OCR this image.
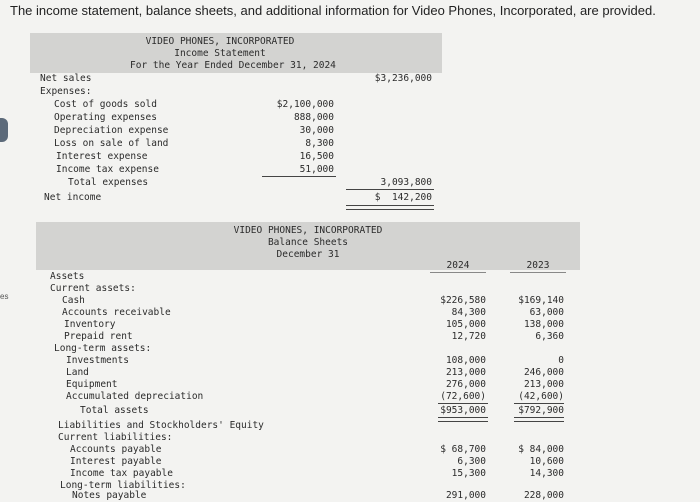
The income statement, balance sheets, and additional information for Video Phones, Incorporated, are provided.
es
VIDEO PHONES, INCORPORATED
Income Statement
For the Year Ended December 31, 2024
Net sales	$3,236,000
Expenses:
Cost of goods sold	$2,100,000
Operating expenses	888,000
Depreciation expense	30,000
Loss on sale of land	8,300
Interest expense	16,500
Income tax expense	51,000
Total expenses	3,093,800
Net income	$  142,200
VIDEO PHONES, INCORPORATED
Balance Sheets
December 31
2024	2023
Assets
Current assets:
Cash	$226,580	$169,140
Accounts receivable	84,300	63,000
Inventory	105,000	138,000
Prepaid rent	12,720	6,360
Long-term assets:
Investments	108,000	0
Land	213,000	246,000
Equipment	276,000	213,000
Accumulated depreciation	(72,600)	(42,600)
Total assets	$953,000	$792,900
Liabilities and Stockholders' Equity
Current liabilities:
Accounts payable	$ 68,700	$ 84,000
Interest payable	6,300	10,600
Income tax payable	15,300	14,300
Long-term liabilities:
Notes payable	291,000	228,000
